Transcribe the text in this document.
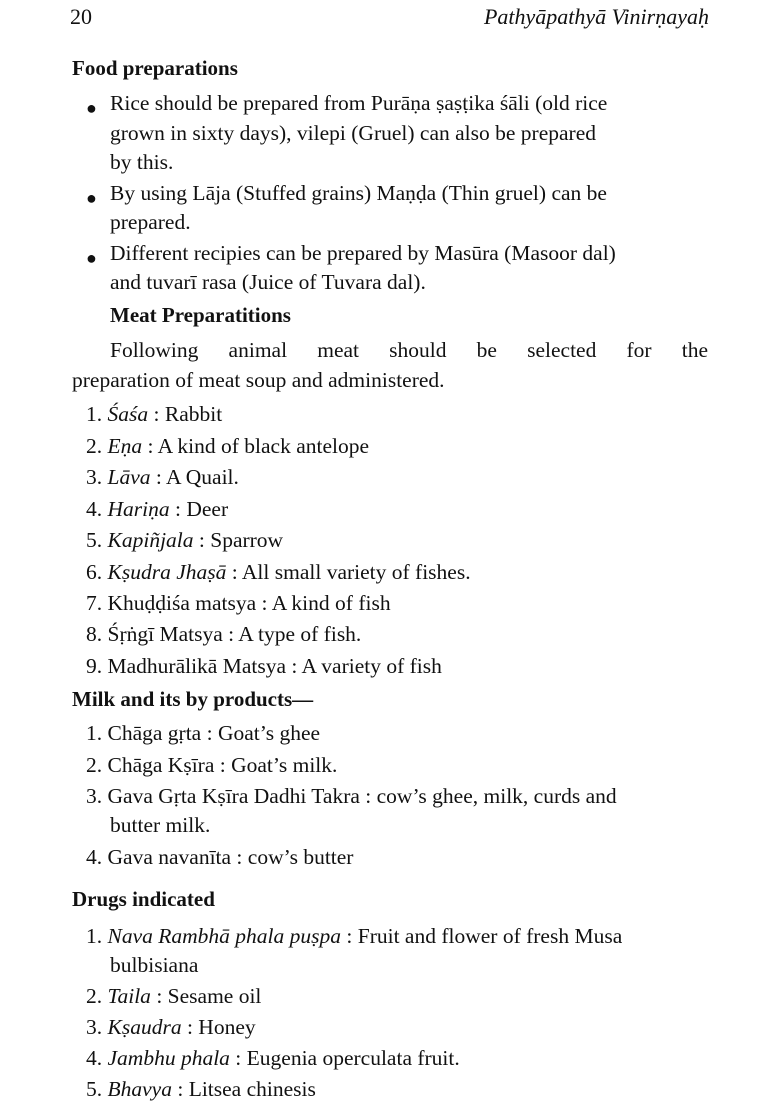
20	Pathyāpathyā Vinirṇayaḥ
Food preparations
● Rice should be prepared from Purāṇa ṣaṣṭika śāli (old rice
grown in sixty days), vilepi (Gruel) can also be prepared
by this.
● By using Lāja (Stuffed grains) Maṇḍa (Thin gruel) can be
prepared.
● Different recipies can be prepared by Masūra (Masoor dal)
and tuvarī rasa (Juice of Tuvara dal).
Meat Preparatitions
Following animal meat should be selected for the
preparation of meat soup and administered.
1. Śaśa : Rabbit
2. Eṇa : A kind of black antelope
3. Lāva : A Quail.
4. Hariṇa : Deer
5. Kapiñjala : Sparrow
6. Kṣudra Jhaṣā : All small variety of fishes.
7. Khuḍḍiśa matsya : A kind of fish
8. Śṛṅgī Matsya : A type of fish.
9. Madhurālikā Matsya : A variety of fish
Milk and its by products—
1. Chāga gṛta : Goat’s ghee
2. Chāga Kṣīra : Goat’s milk.
3. Gava Gṛta Kṣīra Dadhi Takra : cow’s ghee, milk, curds and
butter milk.
4. Gava navanīta : cow’s butter
Drugs indicated
1. Nava Rambhā phala puṣpa : Fruit and flower of fresh Musa
bulbisiana
2. Taila : Sesame oil
3. Kṣaudra : Honey
4. Jambhu phala : Eugenia operculata fruit.
5. Bhavya : Litsea chinesis
